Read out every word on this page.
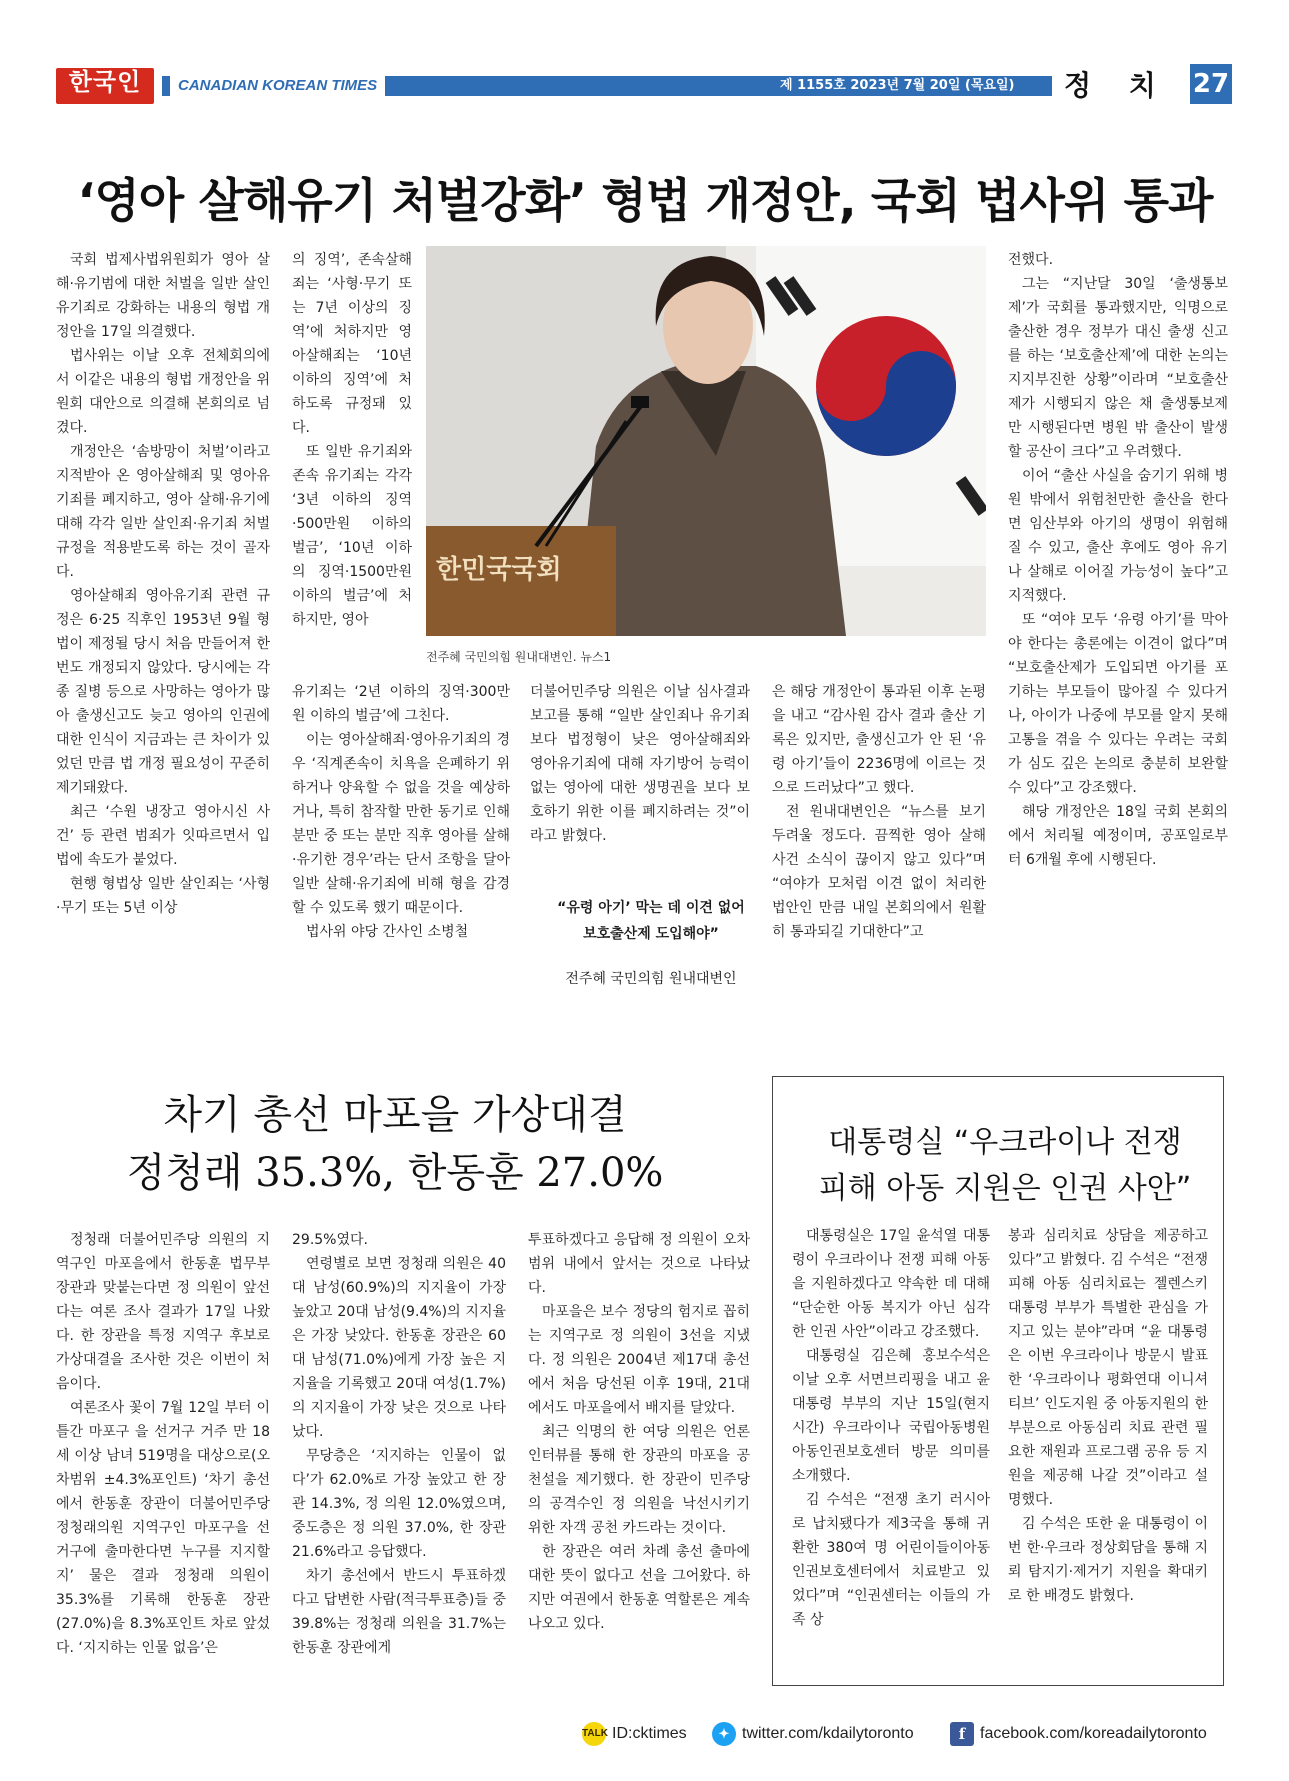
한국인
CANADIAN KOREAN TIMES
CANADIAN KOREAN TIMES	제 1155호 2023년 7월 20일 (목요일) 정 치 27
‘영아 살해유기 처벌강화’ 형법 개정안, 국회 법사위 통과

국회 법제사법위원회가 영아 살해·유기범에 대한 처벌을 일반 살인 유기죄로 강화하는 내용의 형법 개정안을 17일 의결했다.

법사위는 이날 오후 전체회의에서 이같은 내용의 형법 개정안을 위원회 대안으로 의결해 본회의로 넘겼다.

개정안은 ‘솜방망이 처벌’이라고 지적받아 온 영아살해죄 및 영아유기죄를 폐지하고, 영아 살해·유기에 대해 각각 일반 살인죄·유기죄 처벌 규정을 적용받도록 하는 것이 골자다.

영아살해죄 영아유기죄 관련 규정은 6·25 직후인 1953년 9월 형법이 제정될 당시 처음 만들어져 한 번도 개정되지 않았다. 당시에는 각종 질병 등으로 사망하는 영아가 많아 출생신고도 늦고 영아의 인권에 대한 인식이 지금과는 큰 차이가 있었던 만큼 법 개정 필요성이 꾸준히 제기돼왔다.

최근 ‘수원 냉장고 영아시신 사건’ 등 관련 범죄가 잇따르면서 입법에 속도가 붙었다.

현행 형법상 일반 살인죄는 ‘사형·무기 또는 5년 이상

의 징역’, 존속살해죄는 ‘사형·무기 또는 7년 이상의 징역’에 처하지만 영아살해죄는 ‘10년 이하의 징역’에 처하도록 규정돼 있다.

또 일반 유기죄와 존속 유기죄는 각각 ‘3년 이하의 징역·500만원 이하의 벌금’, ‘10년 이하의 징역·1500만원 이하의 벌금’에 처하지만, 영아

유기죄는 ‘2년 이하의 징역·300만원 이하의 벌금’에 그친다.

이는 영아살해죄·영아유기죄의 경우 ‘직계존속이 치욕을 은폐하기 위하거나 양육할 수 없을 것을 예상하거나, 특히 참작할 만한 동기로 인해 분만 중 또는 분만 직후 영아를 살해·유기한 경우’라는 단서 조항을 달아 일반 살해·유기죄에 비해 형을 감경할 수 있도록 했기 때문이다.

법사위 야당 간사인 소병철

한민국국회
전주혜 국민의힘 원내대변인. 뉴스1

더불어민주당 의원은 이날 심사결과 보고를 통해 “일반 살인죄나 유기죄보다 법정형이 낮은 영아살해죄와 영아유기죄에 대해 자기방어 능력이 없는 영아에 대한 생명권을 보다 보호하기 위한 이를 폐지하려는 것”이라고 밝혔다.

“유령 아기’ 막는 데 이견 없어
보호출산제 도입해야”
전주혜 국민의힘 원내대변인

은 해당 개정안이 통과된 이후 논평을 내고 “감사원 감사 결과 출산 기록은 있지만, 출생신고가 안 된 ‘유령 아기’들이 2236명에 이르는 것으로 드러났다”고 했다.

전 원내대변인은 “뉴스를 보기 두려울 정도다. 끔찍한 영아 살해 사건 소식이 끊이지 않고 있다”며 “여야가 모처럼 이견 없이 처리한 법안인 만큼 내일 본회의에서 원활히 통과되길 기대한다”고

전했다.

그는 “지난달 30일 ‘출생통보제’가 국회를 통과했지만, 익명으로 출산한 경우 정부가 대신 출생 신고를 하는 ‘보호출산제’에 대한 논의는 지지부진한 상황”이라며 “보호출산제가 시행되지 않은 채 출생통보제만 시행된다면 병원 밖 출산이 발생할 공산이 크다”고 우려했다.

이어 “출산 사실을 숨기기 위해 병원 밖에서 위험천만한 출산을 한다면 임산부와 아기의 생명이 위험해질 수 있고, 출산 후에도 영아 유기나 살해로 이어질 가능성이 높다”고 지적했다.

또 “여야 모두 ‘유령 아기’를 막아야 한다는 총론에는 이견이 없다”며 “보호출산제가 도입되면 아기를 포기하는 부모들이 많아질 수 있다거나, 아이가 나중에 부모를 알지 못해 고통을 겪을 수 있다는 우려는 국회가 심도 깊은 논의로 충분히 보완할 수 있다”고 강조했다.

해당 개정안은 18일 국회 본회의에서 처리될 예정이며, 공포일로부터 6개월 후에 시행된다.

차기 총선 마포을 가상대결
정청래 35.3%, 한동훈 27.0%

정청래 더불어민주당 의원의 지역구인 마포을에서 한동훈 법무부 장관과 맞붙는다면 정 의원이 앞선다는 여론 조사 결과가 17일 나왔다. 한 장관을 특정 지역구 후보로 가상대결을 조사한 것은 이번이 처음이다.

여론조사 꽃이 7월 12일 부터 이틀간 마포구 을 선거구 거주 만 18세 이상 남녀 519명을 대상으로(오차범위 ±4.3%포인트) ‘차기 총선에서 한동훈 장관이 더불어민주당 정청래의원 지역구인 마포구을 선거구에 출마한다면 누구를 지지할지’ 물은 결과 정청래 의원이 35.3%를 기록해 한동훈 장관(27.0%)을 8.3%포인트 차로 앞섰다. ‘지지하는 인물 없음’은

29.5%였다.

연령별로 보면 정청래 의원은 40대 남성(60.9%)의 지지율이 가장 높았고 20대 남성(9.4%)의 지지율은 가장 낮았다. 한동훈 장관은 60대 남성(71.0%)에게 가장 높은 지지율을 기록했고 20대 여성(1.7%)의 지지율이 가장 낮은 것으로 나타났다.

무당층은 ‘지지하는 인물이 없다’가 62.0%로 가장 높았고 한 장관 14.3%, 정 의원 12.0%였으며, 중도층은 정 의원 37.0%, 한 장관 21.6%라고 응답했다.

차기 총선에서 반드시 투표하겠다고 답변한 사람(적극투표층)들 중 39.8%는 정청래 의원을 31.7%는 한동훈 장관에게

투표하겠다고 응답해 정 의원이 오차범위 내에서 앞서는 것으로 나타났다.

마포을은 보수 정당의 험지로 꼽히는 지역구로 정 의원이 3선을 지냈다. 정 의원은 2004년 제17대 총선에서 처음 당선된 이후 19대, 21대에서도 마포을에서 배지를 달았다.

최근 익명의 한 여당 의원은 언론 인터뷰를 통해 한 장관의 마포을 공천설을 제기했다. 한 장관이 민주당의 공격수인 정 의원을 낙선시키기 위한 자객 공천 카드라는 것이다.

한 장관은 여러 차례 총선 출마에 대한 뜻이 없다고 선을 그어왔다. 하지만 여권에서 한동훈 역할론은 계속 나오고 있다.

대통령실 “우크라이나 전쟁
피해 아동 지원은 인권 사안”

대통령실은 17일 윤석열 대통령이 우크라이나 전쟁 피해 아동을 지원하겠다고 약속한 데 대해 “단순한 아동 복지가 아닌 심각한 인권 사안”이라고 강조했다.

대통령실 김은혜 홍보수석은 이날 오후 서면브리핑을 내고 윤 대통령 부부의 지난 15일(현지시간) 우크라이나 국립아동병원 아동인권보호센터 방문 의미를 소개했다.

김 수석은 “전쟁 초기 러시아로 납치됐다가 제3국을 통해 귀환한 380여 명 어린이들이아동인권보호센터에서 치료받고 있었다”며 “인권센터는 이들의 가족 상

봉과 심리치료 상담을 제공하고 있다”고 밝혔다. 김 수석은 “전쟁 피해 아동 심리치료는 젤렌스키 대통령 부부가 특별한 관심을 가지고 있는 분야”라며 “윤 대통령은 이번 우크라이나 방문시 발표한 ‘우크라이나 평화연대 이니셔티브’ 인도지원 중 아동지원의 한 부분으로 아동심리 치료 관련 필요한 재원과 프로그램 공유 등 지원을 제공해 나갈 것”이라고 설명했다.

김 수석은 또한 윤 대통령이 이번 한·우크라 정상회담을 통해 지뢰 탐지기·제거기 지원을 확대키로 한 배경도 밝혔다.

TALK ID:cktimes	✦ twitter.com/kdailytoronto	f facebook.com/koreadailytoronto
